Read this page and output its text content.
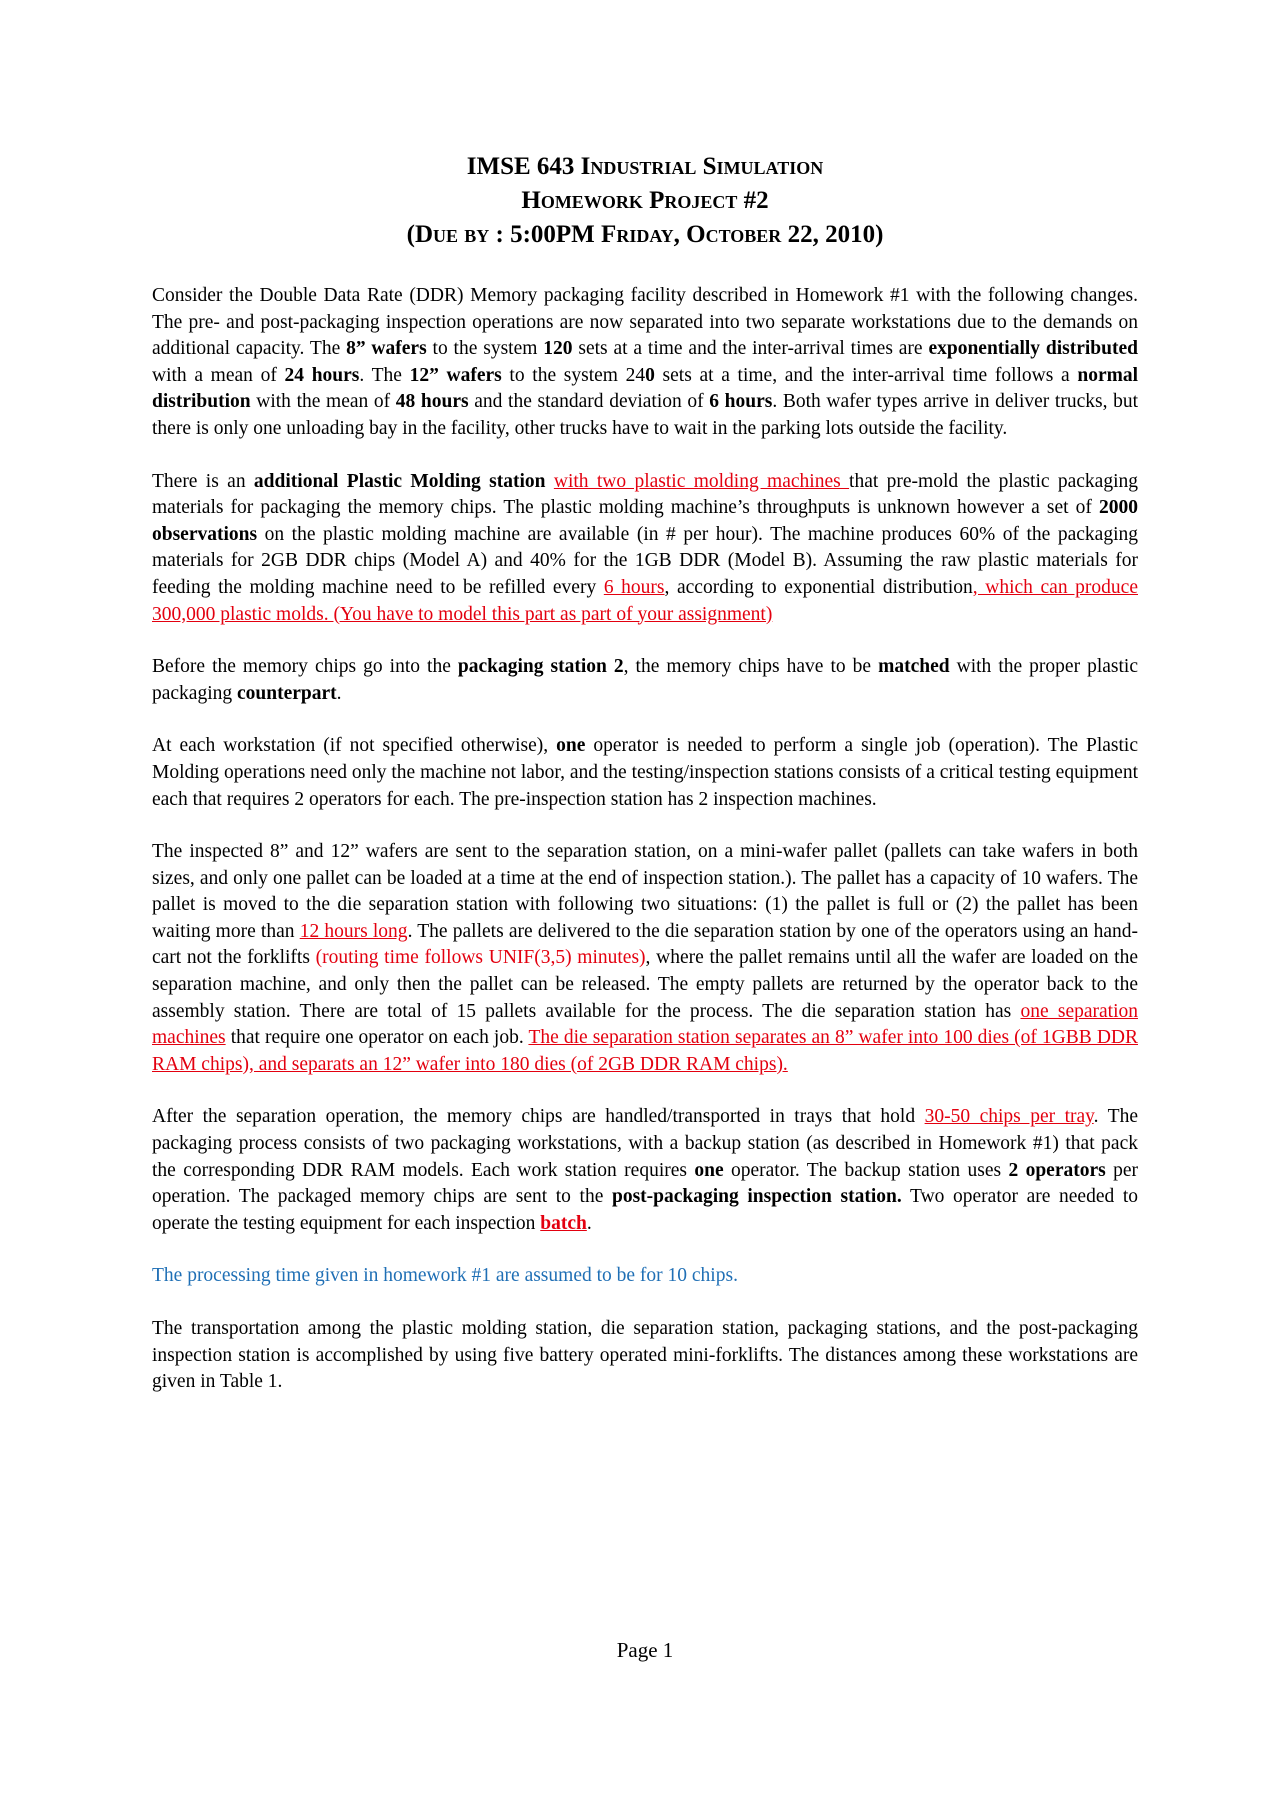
IMSE 643 Industrial Simulation
Homework Project #2
(Due by : 5:00PM Friday, October 22, 2010)

Consider the Double Data Rate (DDR) Memory packaging facility described in Homework #1 with the following changes. The pre- and post-packaging inspection operations are now separated into two separate workstations due to the demands on additional capacity. The 8” wafers to the system 120 sets at a time and the inter-arrival times are exponentially distributed with a mean of 24 hours. The 12” wafers to the system 240 sets at a time, and the inter-arrival time follows a normal distribution with the mean of 48 hours and the standard deviation of 6 hours. Both wafer types arrive in deliver trucks, but there is only one unloading bay in the facility, other trucks have to wait in the parking lots outside the facility.

There is an additional Plastic Molding station with two plastic molding machines that pre-mold the plastic packaging materials for packaging the memory chips. The plastic molding machine’s throughputs is unknown however a set of 2000 observations on the plastic molding machine are available (in # per hour). The machine produces 60% of the packaging materials for 2GB DDR chips (Model A) and 40% for the 1GB DDR (Model B). Assuming the raw plastic materials for feeding the molding machine need to be refilled every 6 hours, according to exponential distribution, which can produce 300,000 plastic molds. (You have to model this part as part of your assignment)

Before the memory chips go into the packaging station 2, the memory chips have to be matched with the proper plastic packaging counterpart.

At each workstation (if not specified otherwise), one operator is needed to perform a single job (operation). The Plastic Molding operations need only the machine not labor, and the testing/inspection stations consists of a critical testing equipment each that requires 2 operators for each. The pre-inspection station has 2 inspection machines.

The inspected 8” and 12” wafers are sent to the separation station, on a mini-wafer pallet (pallets can take wafers in both sizes, and only one pallet can be loaded at a time at the end of inspection station.). The pallet has a capacity of 10 wafers. The pallet is moved to the die separation station with following two situations: (1) the pallet is full or (2) the pallet has been waiting more than 12 hours long. The pallets are delivered to the die separation station by one of the operators using an hand-cart not the forklifts (routing time follows UNIF(3,5) minutes), where the pallet remains until all the wafer are loaded on the separation machine, and only then the pallet can be released. The empty pallets are returned by the operator back to the assembly station. There are total of 15 pallets available for the process. The die separation station has one separation machines that require one operator on each job. The die separation station separates an 8” wafer into 100 dies (of 1GBB DDR RAM chips), and separats an 12” wafer into 180 dies (of 2GB DDR RAM chips).

After the separation operation, the memory chips are handled/transported in trays that hold 30-50 chips per tray. The packaging process consists of two packaging workstations, with a backup station (as described in Homework #1) that pack the corresponding DDR RAM models. Each work station requires one operator. The backup station uses 2 operators per operation. The packaged memory chips are sent to the post-packaging inspection station. Two operator are needed to operate the testing equipment for each inspection batch.

The processing time given in homework #1 are assumed to be for 10 chips.

The transportation among the plastic molding station, die separation station, packaging stations, and the post-packaging inspection station is accomplished by using five battery operated mini-forklifts. The distances among these workstations are given in Table 1.

Page 1
